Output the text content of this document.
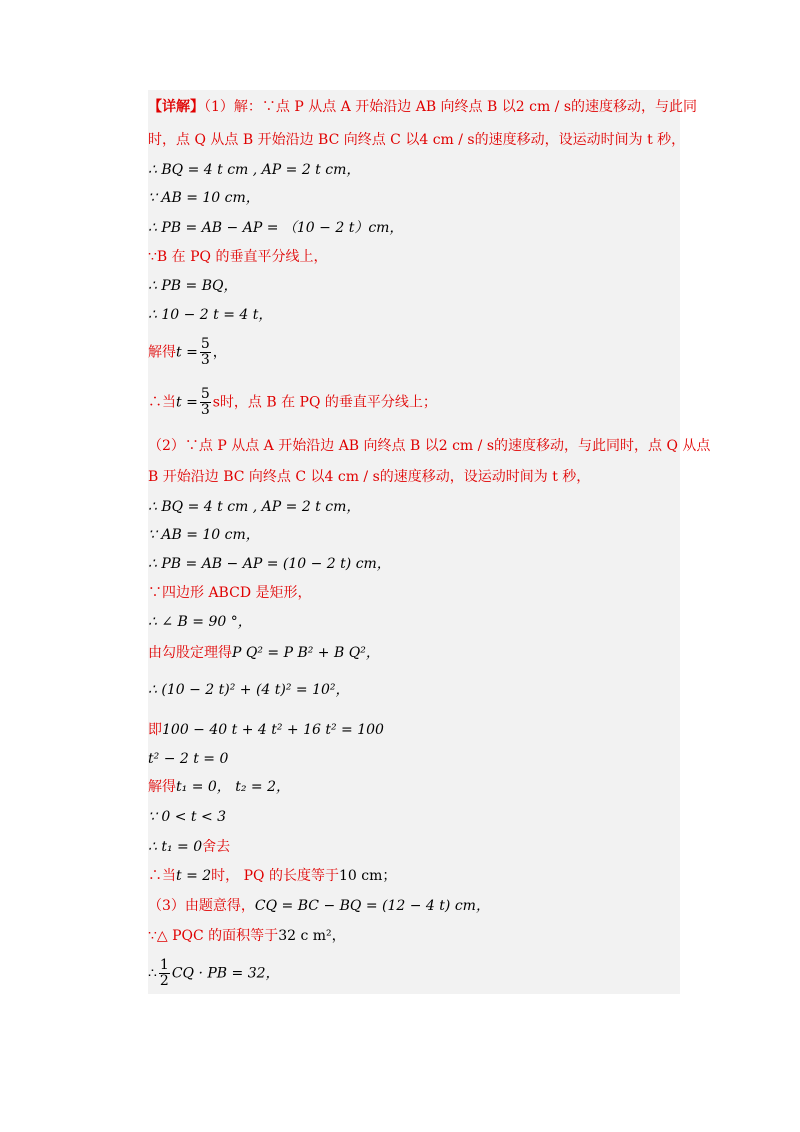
【详解】（1）解：∵点 P 从点 A 开始沿边 AB 向终点 B 以2 cm / s的速度移动，与此同
时，点 Q 从点 B 开始沿边 BC 向终点 C 以4 cm / s的速度移动，设运动时间为 t 秒，
∴ BQ = 4 t cm , AP = 2 t cm，
∵ AB = 10 cm，
∴ PB = AB − AP = （10 − 2 t）cm，
∵B 在 PQ 的垂直平分线上，
∴ PB = BQ，
∴ 10 − 2 t = 4 t，
解得$t = \frac{5}{3}$ ，
∴当$t = \frac{5}{3}$ s时，点 B 在 PQ 的垂直平分线上；
（2）∵点 P 从点 A 开始沿边 AB 向终点 B 以2 cm / s的速度移动，与此同时，点 Q 从点
B 开始沿边 BC 向终点 C 以4 cm / s的速度移动，设运动时间为 t 秒，
∴ BQ = 4 t cm , AP = 2 t cm，
∵ AB = 10 cm，
∴ PB = AB − AP = (10 − 2 t) cm，
∵四边形 ABCD 是矩形，
∴ ∠ B = 90 °，
由勾股定理得P Q² = P B² + B Q²，
∴ (10 − 2 t)² + (4 t)² = 10²，
即100 − 40 t + 4 t² + 16 t² = 100
t² − 2 t = 0
解得t₁ = 0， t₂ = 2，
∵ 0 < t < 3
∴ t₁ = 0舍去
∴当t = 2时， PQ 的长度等于10 cm；
（3）由题意得，CQ = BC − BQ = (12 − 4 t) cm，
∵△ PQC 的面积等于32 c m²，
∴ $\frac{1}{2}$ CQ · PB = 32，
